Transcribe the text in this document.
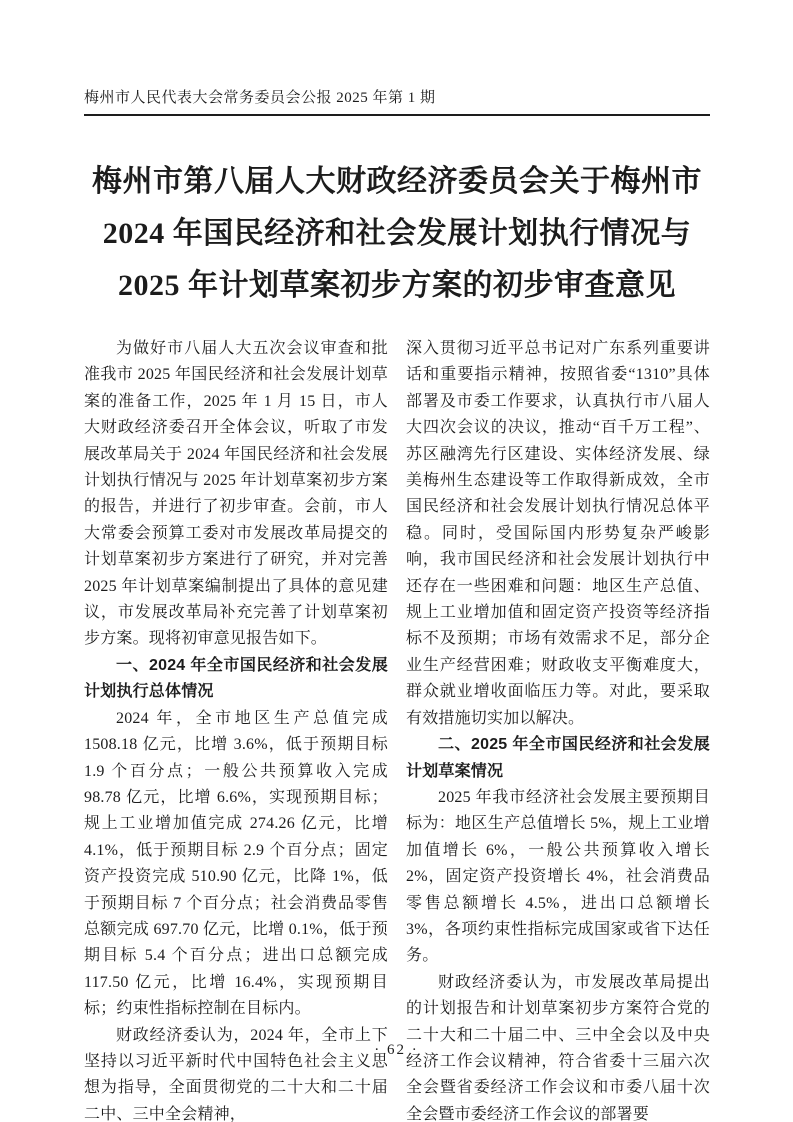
梅州市人民代表大会常务委员会公报 2025 年第 1 期
梅州市第八届人大财政经济委员会关于梅州市
2024 年国民经济和社会发展计划执行情况与
2025 年计划草案初步方案的初步审查意见

为做好市八届人大五次会议审查和批准我市 2025 年国民经济和社会发展计划草案的准备工作，2025 年 1 月 15 日，市人大财政经济委召开全体会议，听取了市发展改革局关于 2024 年国民经济和社会发展计划执行情况与 2025 年计划草案初步方案的报告，并进行了初步审查。会前，市人大常委会预算工委对市发展改革局提交的计划草案初步方案进行了研究，并对完善 2025 年计划草案编制提出了具体的意见建议，市发展改革局补充完善了计划草案初步方案。现将初审意见报告如下。

一、2024 年全市国民经济和社会发展计划执行总体情况

2024 年，全市地区生产总值完成 1508.18 亿元，比增 3.6%，低于预期目标 1.9 个百分点；一般公共预算收入完成 98.78 亿元，比增 6.6%，实现预期目标；规上工业增加值完成 274.26 亿元，比增 4.1%，低于预期目标 2.9 个百分点；固定资产投资完成 510.90 亿元，比降 1%，低于预期目标 7 个百分点；社会消费品零售总额完成 697.70 亿元，比增 0.1%，低于预期目标 5.4 个百分点；进出口总额完成 117.50 亿元，比增 16.4%，实现预期目标；约束性指标控制在目标内。

财政经济委认为，2024 年，全市上下坚持以习近平新时代中国特色社会主义思想为指导，全面贯彻党的二十大和二十届二中、三中全会精神，

深入贯彻习近平总书记对广东系列重要讲话和重要指示精神，按照省委“1310”具体部署及市委工作要求，认真执行市八届人大四次会议的决议，推动“百千万工程”、苏区融湾先行区建设、实体经济发展、绿美梅州生态建设等工作取得新成效，全市国民经济和社会发展计划执行情况总体平稳。同时，受国际国内形势复杂严峻影响，我市国民经济和社会发展计划执行中还存在一些困难和问题：地区生产总值、规上工业增加值和固定资产投资等经济指标不及预期；市场有效需求不足，部分企业生产经营困难；财政收支平衡难度大，群众就业增收面临压力等。对此，要采取有效措施切实加以解决。

二、2025 年全市国民经济和社会发展计划草案情况

2025 年我市经济社会发展主要预期目标为：地区生产总值增长 5%，规上工业增加值增长 6%，一般公共预算收入增长 2%，固定资产投资增长 4%，社会消费品零售总额增长 4.5%，进出口总额增长 3%，各项约束性指标完成国家或省下达任务。

财政经济委认为，市发展改革局提出的计划报告和计划草案初步方案符合党的二十大和二十届二中、三中全会以及中央经济工作会议精神，符合省委十三届六次全会暨省委经济工作会议和市委八届十次全会暨市委经济工作会议的部署要

· 62 ·
